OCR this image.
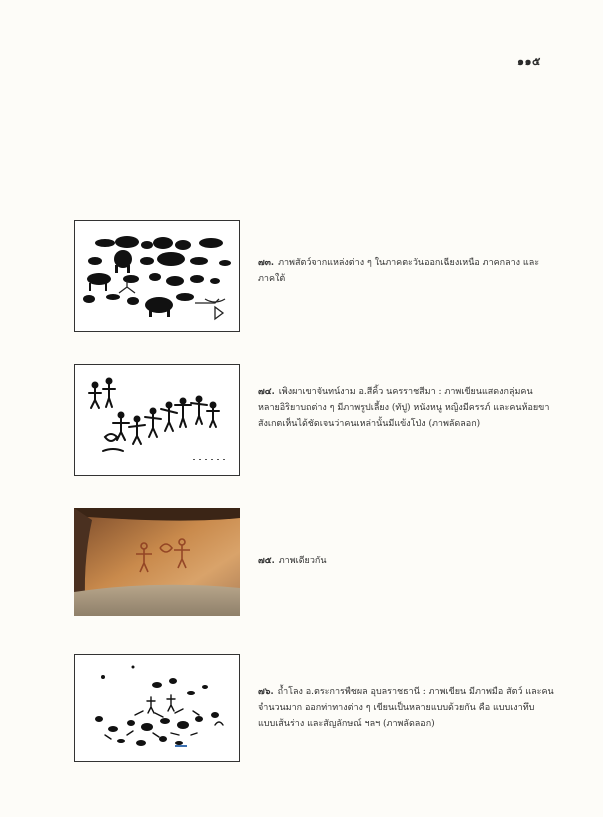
๑๑๕
๗๓. ภาพสัตว์จากแหล่งต่าง ๆ ในภาคตะวันออกเฉียงเหนือ ภาคกลาง และภาคใต้
๗๔. เพิงผาเขาจันทน์งาม อ.สีคิ้ว นครราชสีมา : ภาพเขียนแสดงกลุ่มคนหลายอิริยาบถต่าง ๆ มีภาพรูปเลี้ยง (ทัปู) หนังหนู หญิงมีครรภ์ และคนห้อยขา สังเกตเห็นได้ชัดเจนว่าคนเหล่านั้นมีแข้งโป่ง (ภาพลัดลอก)
๗๕. ภาพเดียวกัน
๗๖. ถ้ำโลง อ.ตระการพืชผล อุบลราชธานี : ภาพเขียน มีภาพมือ สัตว์ และคนจำนวนมาก ออกท่าทางต่าง ๆ เขียนเป็นหลายแบบด้วยกัน คือ แบบเงาทึบ แบบเส้นร่าง และสัญลักษณ์ ฯลฯ (ภาพลัดลอก)
